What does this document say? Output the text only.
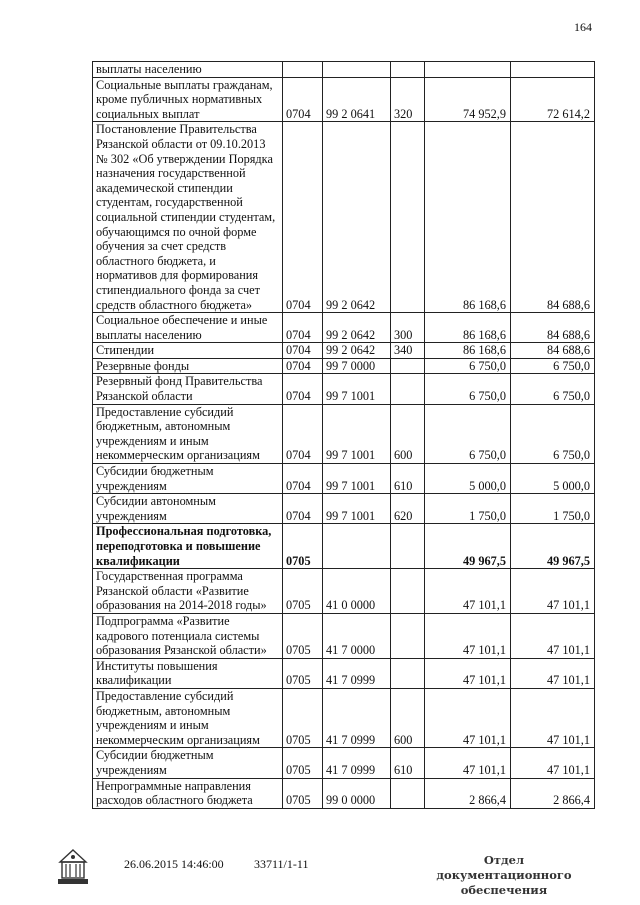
164
выплаты населению					
Социальные выплаты гражданам, кроме публичных нормативных социальных выплат	0704	99 2 0641	320	74 952,9	72 614,2
Постановление Правительства Рязанской области от 09.10.2013 № 302 «Об утверждении Порядка назначения государственной академической стипендии студентам, государственной социальной стипендии студентам, обучающимся по очной форме обучения за счет средств областного бюджета, и нормативов для формирования стипендиального фонда за счет средств областного бюджета»	0704	99 2 0642		86 168,6	84 688,6
Социальное обеспечение и иные выплаты населению	0704	99 2 0642	300	86 168,6	84 688,6
Стипендии	0704	99 2 0642	340	86 168,6	84 688,6
Резервные фонды	0704	99 7 0000		6 750,0	6 750,0
Резервный фонд Правительства Рязанской области	0704	99 7 1001		6 750,0	6 750,0
Предоставление субсидий бюджетным, автономным учреждениям и иным некоммерческим организациям	0704	99 7 1001	600	6 750,0	6 750,0
Субсидии бюджетным учреждениям	0704	99 7 1001	610	5 000,0	5 000,0
Субсидии автономным учреждениям	0704	99 7 1001	620	1 750,0	1 750,0
Профессиональная подготовка, переподготовка и повышение квалификации	0705			49 967,5	49 967,5
Государственная программа Рязанской области «Развитие образования на 2014-2018 годы»	0705	41 0 0000		47 101,1	47 101,1
Подпрограмма «Развитие кадрового потенциала системы образования Рязанской области»	0705	41 7 0000		47 101,1	47 101,1
Институты повышения квалификации	0705	41 7 0999		47 101,1	47 101,1
Предоставление субсидий бюджетным, автономным учреждениям и иным некоммерческим организациям	0705	41 7 0999	600	47 101,1	47 101,1
Субсидии бюджетным учреждениям	0705	41 7 0999	610	47 101,1	47 101,1
Непрограммные направления расходов областного бюджета	0705	99 0 0000		2 866,4	2 866,4
26.06.2015 14:46:00	33711/1-11	Отдел документационного
обеспечения
